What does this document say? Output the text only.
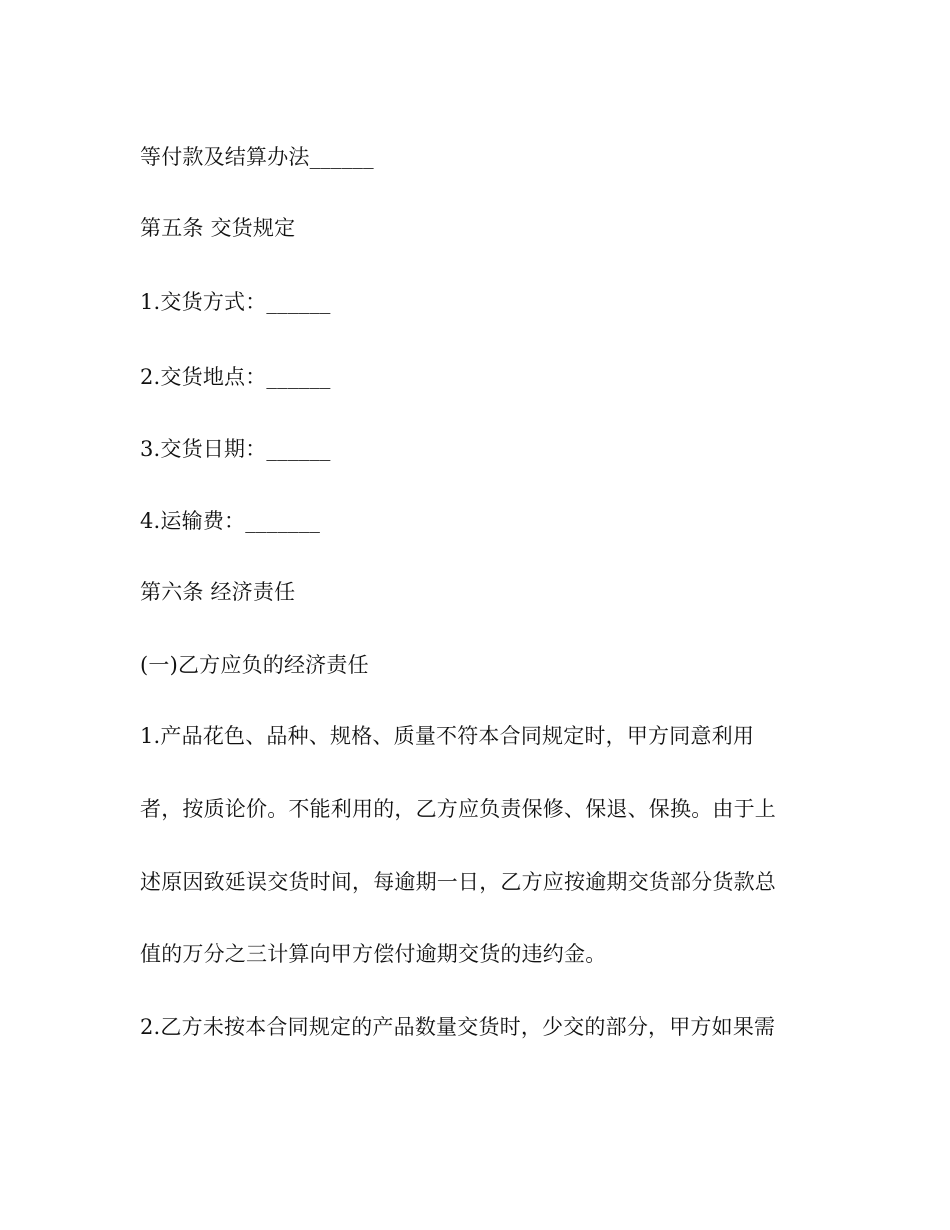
等付款及结算办法______

第五条 交货规定

1.交货方式：______

2.交货地点：______

3.交货日期：______

4.运输费：_______

第六条 经济责任

(一)乙方应负的经济责任

1.产品花色、品种、规格、质量不符本合同规定时，甲方同意利用

者，按质论价。不能利用的，乙方应负责保修、保退、保换。由于上

述原因致延误交货时间，每逾期一日，乙方应按逾期交货部分货款总

值的万分之三计算向甲方偿付逾期交货的违约金。

2.乙方未按本合同规定的产品数量交货时，少交的部分，甲方如果需
